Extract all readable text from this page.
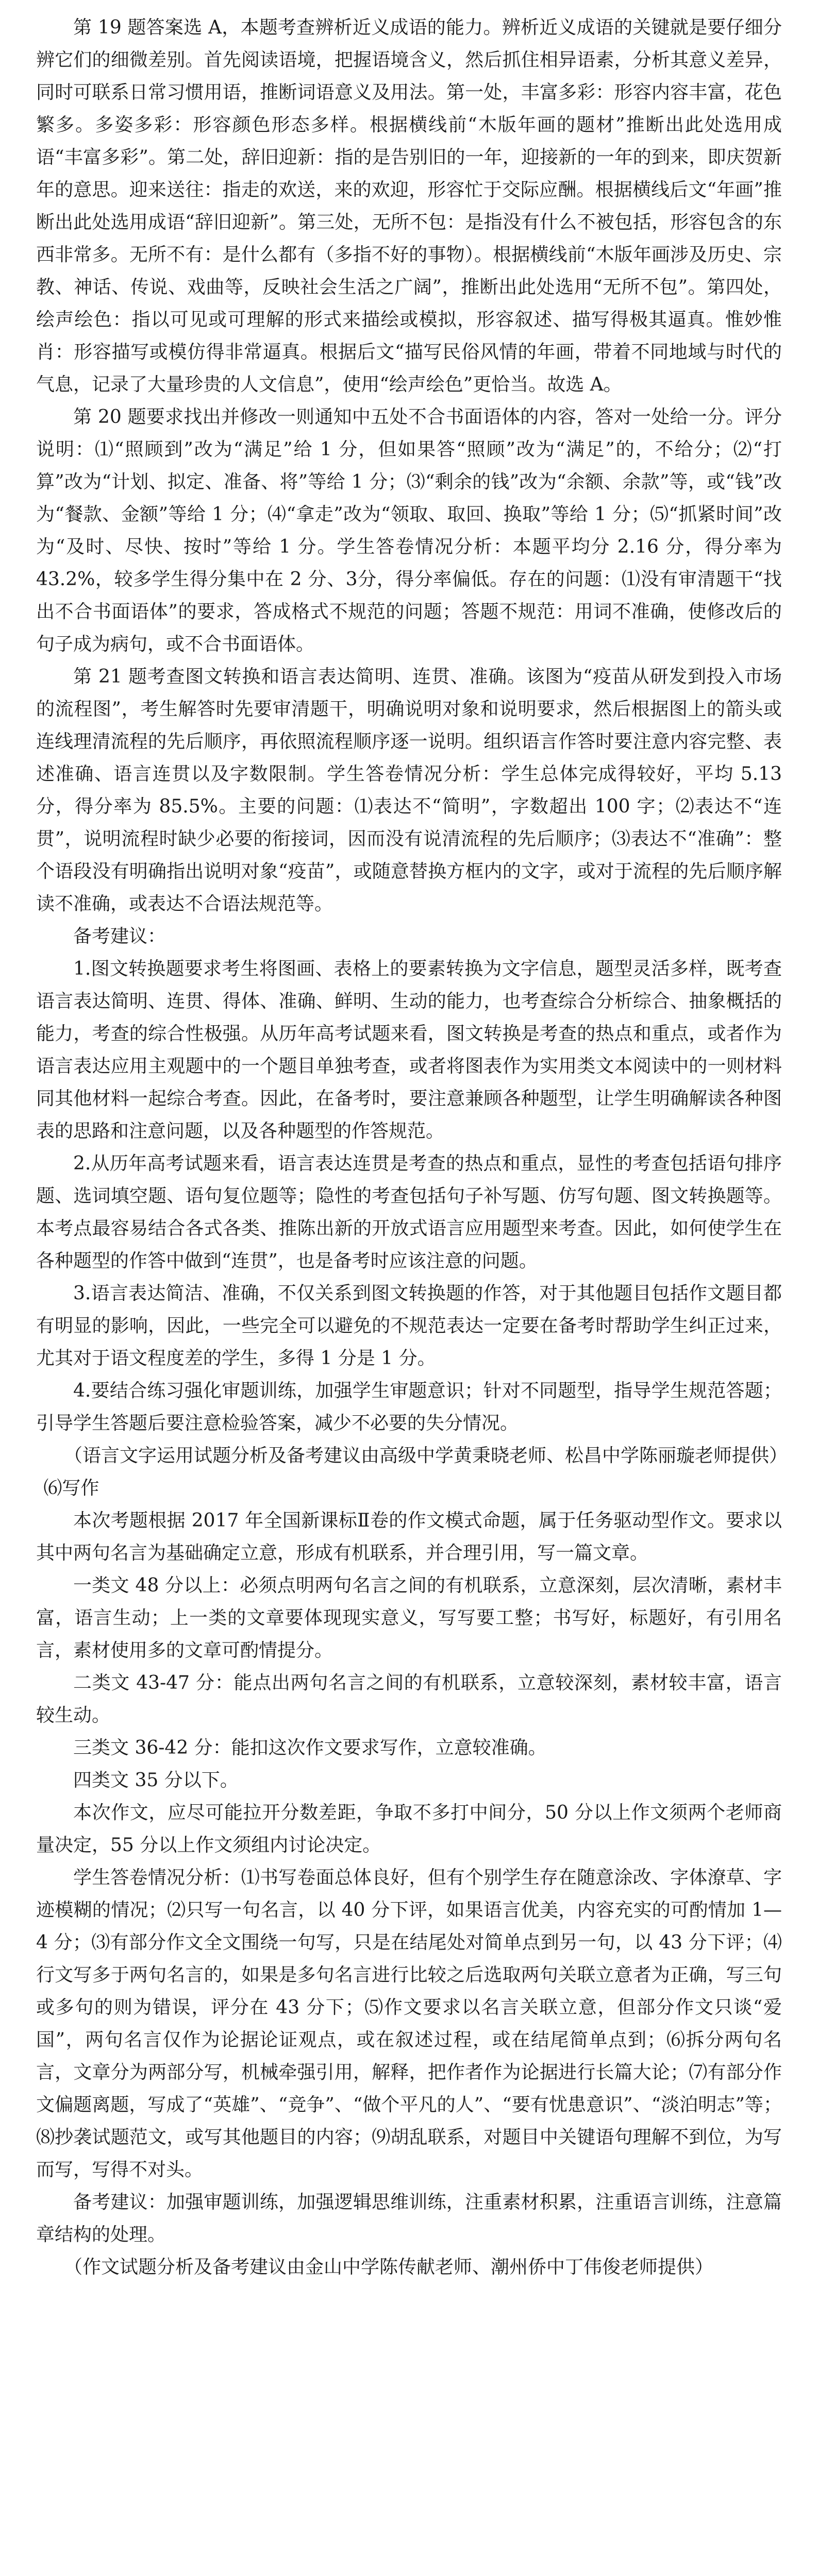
第 19 题答案选 A，本题考查辨析近义成语的能力。辨析近义成语的关键就是要仔细分辨它们的细微差别。首先阅读语境，把握语境含义，然后抓住相异语素，分析其意义差异，同时可联系日常习惯用语，推断词语意义及用法。第一处，丰富多彩：形容内容丰富，花色繁多。多姿多彩：形容颜色形态多样。根据横线前“木版年画的题材”推断出此处选用成语“丰富多彩”。第二处，辞旧迎新：指的是告别旧的一年，迎接新的一年的到来，即庆贺新年的意思。迎来送往：指走的欢送，来的欢迎，形容忙于交际应酬。根据横线后文“年画”推断出此处选用成语“辞旧迎新”。第三处，无所不包：是指没有什么不被包括，形容包含的东西非常多。无所不有：是什么都有（多指不好的事物）。根据横线前“木版年画涉及历史、宗教、神话、传说、戏曲等，反映社会生活之广阔”，推断出此处选用“无所不包”。第四处，绘声绘色：指以可见或可理解的形式来描绘或模拟，形容叙述、描写得极其逼真。惟妙惟肖：形容描写或模仿得非常逼真。根据后文“描写民俗风情的年画，带着不同地域与时代的气息，记录了大量珍贵的人文信息”，使用“绘声绘色”更恰当。故选 A。

第 20 题要求找出并修改一则通知中五处不合书面语体的内容，答对一处给一分。评分说明：⑴“照顾到”改为“满足”给 1 分，但如果答“照顾”改为“满足”的，不给分；⑵“打算”改为“计划、拟定、准备、将”等给 1 分；⑶“剩余的钱”改为“余额、余款”等，或“钱”改为“餐款、金额”等给 1 分；⑷“拿走”改为“领取、取回、换取”等给 1 分；⑸“抓紧时间”改为“及时、尽快、按时”等给 1 分。学生答卷情况分析：本题平均分 2.16 分，得分率为 43.2%，较多学生得分集中在 2 分、3分，得分率偏低。存在的问题：⑴没有审清题干“找出不合书面语体”的要求，答成格式不规范的问题；答题不规范：用词不准确，使修改后的句子成为病句，或不合书面语体。

第 21 题考查图文转换和语言表达简明、连贯、准确。该图为“疫苗从研发到投入市场的流程图”，考生解答时先要审清题干，明确说明对象和说明要求，然后根据图上的箭头或连线理清流程的先后顺序，再依照流程顺序逐一说明。组织语言作答时要注意内容完整、表述准确、语言连贯以及字数限制。学生答卷情况分析：学生总体完成得较好，平均 5.13 分，得分率为 85.5%。主要的问题：⑴表达不“简明”，字数超出 100 字；⑵表达不“连贯”，说明流程时缺少必要的衔接词，因而没有说清流程的先后顺序；⑶表达不“准确”：整个语段没有明确指出说明对象“疫苗”，或随意替换方框内的文字，或对于流程的先后顺序解读不准确，或表达不合语法规范等。

备考建议：

1.图文转换题要求考生将图画、表格上的要素转换为文字信息，题型灵活多样，既考查语言表达简明、连贯、得体、准确、鲜明、生动的能力，也考查综合分析综合、抽象概括的能力，考查的综合性极强。从历年高考试题来看，图文转换是考查的热点和重点，或者作为语言表达应用主观题中的一个题目单独考查，或者将图表作为实用类文本阅读中的一则材料同其他材料一起综合考查。因此，在备考时，要注意兼顾各种题型，让学生明确解读各种图表的思路和注意问题，以及各种题型的作答规范。

2.从历年高考试题来看，语言表达连贯是考查的热点和重点，显性的考查包括语句排序题、选词填空题、语句复位题等；隐性的考查包括句子补写题、仿写句题、图文转换题等。本考点最容易结合各式各类、推陈出新的开放式语言应用题型来考查。因此，如何使学生在各种题型的作答中做到“连贯”，也是备考时应该注意的问题。

3.语言表达简洁、准确，不仅关系到图文转换题的作答，对于其他题目包括作文题目都有明显的影响，因此，一些完全可以避免的不规范表达一定要在备考时帮助学生纠正过来，尤其对于语文程度差的学生，多得 1 分是 1 分。

4.要结合练习强化审题训练，加强学生审题意识；针对不同题型，指导学生规范答题；引导学生答题后要注意检验答案，减少不必要的失分情况。

（语言文字运用试题分析及备考建议由高级中学黄秉晓老师、松昌中学陈丽璇老师提供）

⑹写作

本次考题根据 2017 年全国新课标Ⅱ卷的作文模式命题，属于任务驱动型作文。要求以其中两句名言为基础确定立意，形成有机联系，并合理引用，写一篇文章。

一类文 48 分以上：必须点明两句名言之间的有机联系，立意深刻，层次清晰，素材丰富，语言生动；上一类的文章要体现现实意义，写写要工整；书写好，标题好，有引用名言，素材使用多的文章可酌情提分。

二类文 43-47 分：能点出两句名言之间的有机联系，立意较深刻，素材较丰富，语言较生动。

三类文 36-42 分：能扣这次作文要求写作，立意较准确。

四类文 35 分以下。

本次作文，应尽可能拉开分数差距，争取不多打中间分，50 分以上作文须两个老师商量决定，55 分以上作文须组内讨论决定。

学生答卷情况分析：⑴书写卷面总体良好，但有个别学生存在随意涂改、字体潦草、字迹模糊的情况；⑵只写一句名言，以 40 分下评，如果语言优美，内容充实的可酌情加 1—4 分；⑶有部分作文全文围绕一句写，只是在结尾处对简单点到另一句，以 43 分下评；⑷行文写多于两句名言的，如果是多句名言进行比较之后选取两句关联立意者为正确，写三句或多句的则为错误，评分在 43 分下；⑸作文要求以名言关联立意，但部分作文只谈“爱国”，两句名言仅作为论据论证观点，或在叙述过程，或在结尾简单点到；⑹拆分两句名言，文章分为两部分写，机械牵强引用，解释，把作者作为论据进行长篇大论；⑺有部分作文偏题离题，写成了“英雄”、“竞争”、“做个平凡的人”、“要有忧患意识”、“淡泊明志”等；⑻抄袭试题范文，或写其他题目的内容；⑼胡乱联系，对题目中关键语句理解不到位，为写而写，写得不对头。

备考建议：加强审题训练，加强逻辑思维训练，注重素材积累，注重语言训练，注意篇章结构的处理。

（作文试题分析及备考建议由金山中学陈传献老师、潮州侨中丁伟俊老师提供）
